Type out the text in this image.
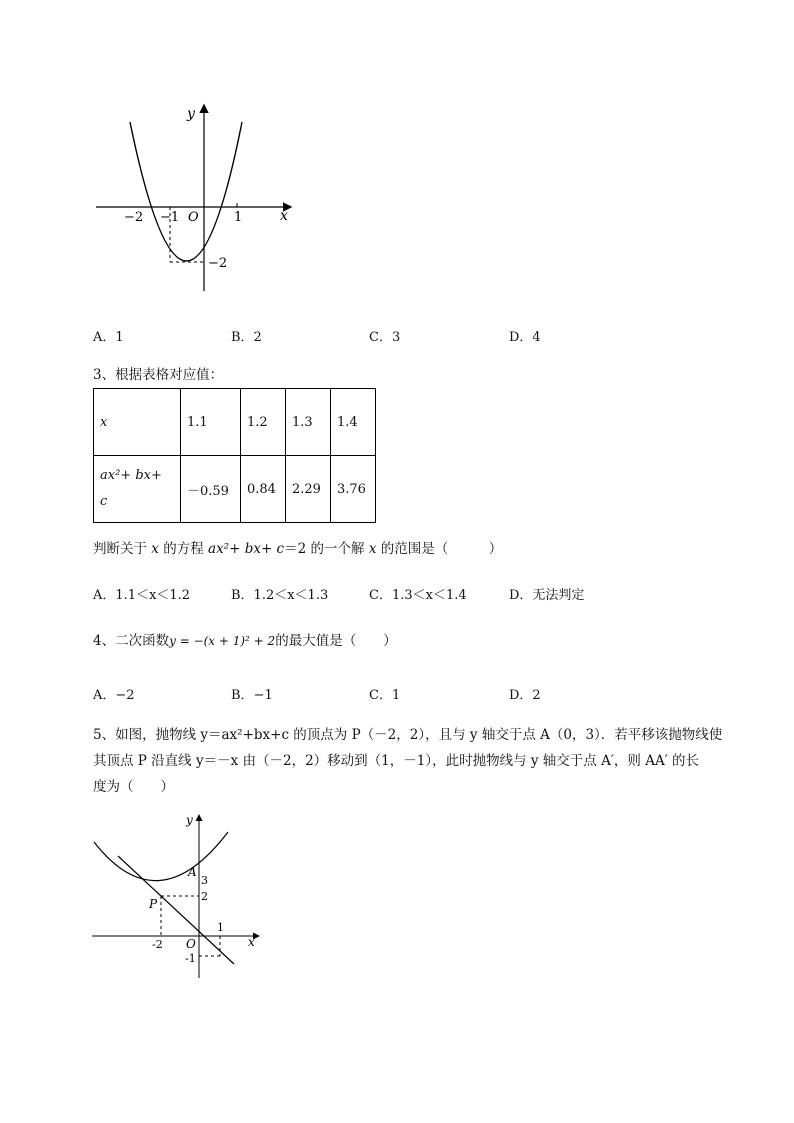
y
x
O
−2 −1	1
−2
A．1	B．2	C．3	D．4
3、根据表格对应值：
x	1.1	1.2	1.3	1.4
ax²+ bx+
c	－0.59	0.84	2.29	3.76
判断关于 x 的方程 ax²+ bx+ c＝2 的一个解 x 的范围是（　　　）
A．1.1＜x＜1.2	B．1.2＜x＜1.3	C．1.3＜x＜1.4	D．无法判定
4、二次函数y = −(x + 1)² + 2的最大值是（　　）
A．−2	B．−1	C．1	D．2
5、如图，抛物线 y＝ax²+bx+c 的顶点为 P（－2，2），且与 y 轴交于点 A（0，3）．若平移该抛物线使
其顶点 P 沿直线 y＝－x 由（－2，2）移动到（1，－1），此时抛物线与 y 轴交于点 A′，则 AA′ 的长
度为（　　）
y
x
O
A
P
3
2
-1
-2
1
